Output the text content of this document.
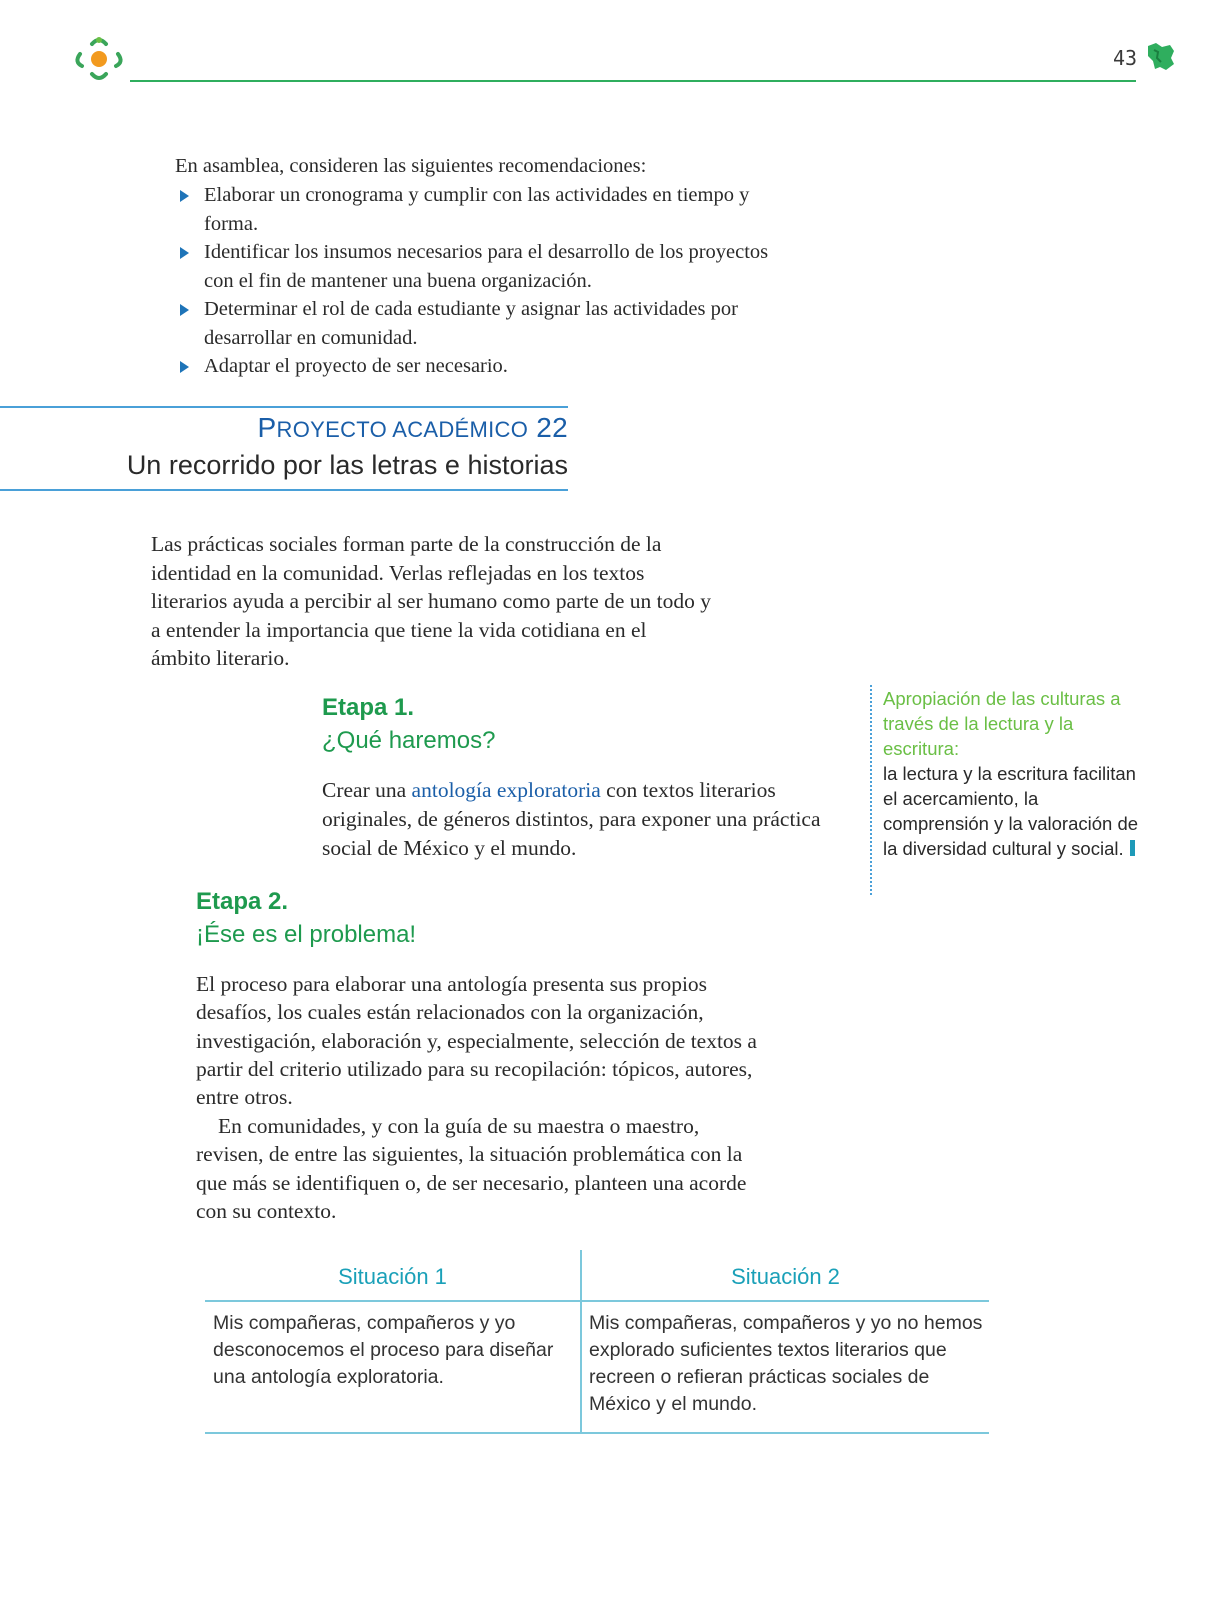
43
En asamblea, consideren las siguientes recomendaciones:
Elaborar un cronograma y cumplir con las actividades en tiempo y forma.
Identificar los insumos necesarios para el desarrollo de los proyectos con el fin de mantener una buena organización.
Determinar el rol de cada estudiante y asignar las actividades por desarrollar en comunidad.
Adaptar el proyecto de ser necesario.
PROYECTO ACADÉMICO 22
Un recorrido por las letras e historias
Las prácticas sociales forman parte de la construcción de la identidad en la comunidad. Verlas reflejadas en los textos literarios ayuda a percibir al ser humano como parte de un todo y a entender la importancia que tiene la vida cotidiana en el ámbito literario.
Etapa 1.
¿Qué haremos?
Crear una antología exploratoria con textos literarios originales, de géneros distintos, para exponer una práctica social de México y el mundo.
Apropiación de las culturas a través de la lectura y la escritura:
la lectura y la escritura facilitan el acercamiento, la comprensión y la valoración de la diversidad cultural y social.
Etapa 2.
¡Ése es el problema!
El proceso para elaborar una antología presenta sus propios desafíos, los cuales están relacionados con la organización, investigación, elaboración y, especialmente, selección de textos a partir del criterio utilizado para su recopilación: tópicos, autores, entre otros.
En comunidades, y con la guía de su maestra o maestro, revisen, de entre las siguientes, la situación problemática con la que más se identifiquen o, de ser necesario, planteen una acorde con su contexto.
Situación 1	Situación 2
Mis compañeras, compañeros y yo desconocemos el proceso para diseñar una antología exploratoria.
Mis compañeras, compañeros y yo no hemos explorado suficientes textos literarios que recreen o refieran prácticas sociales de México y el mundo.
